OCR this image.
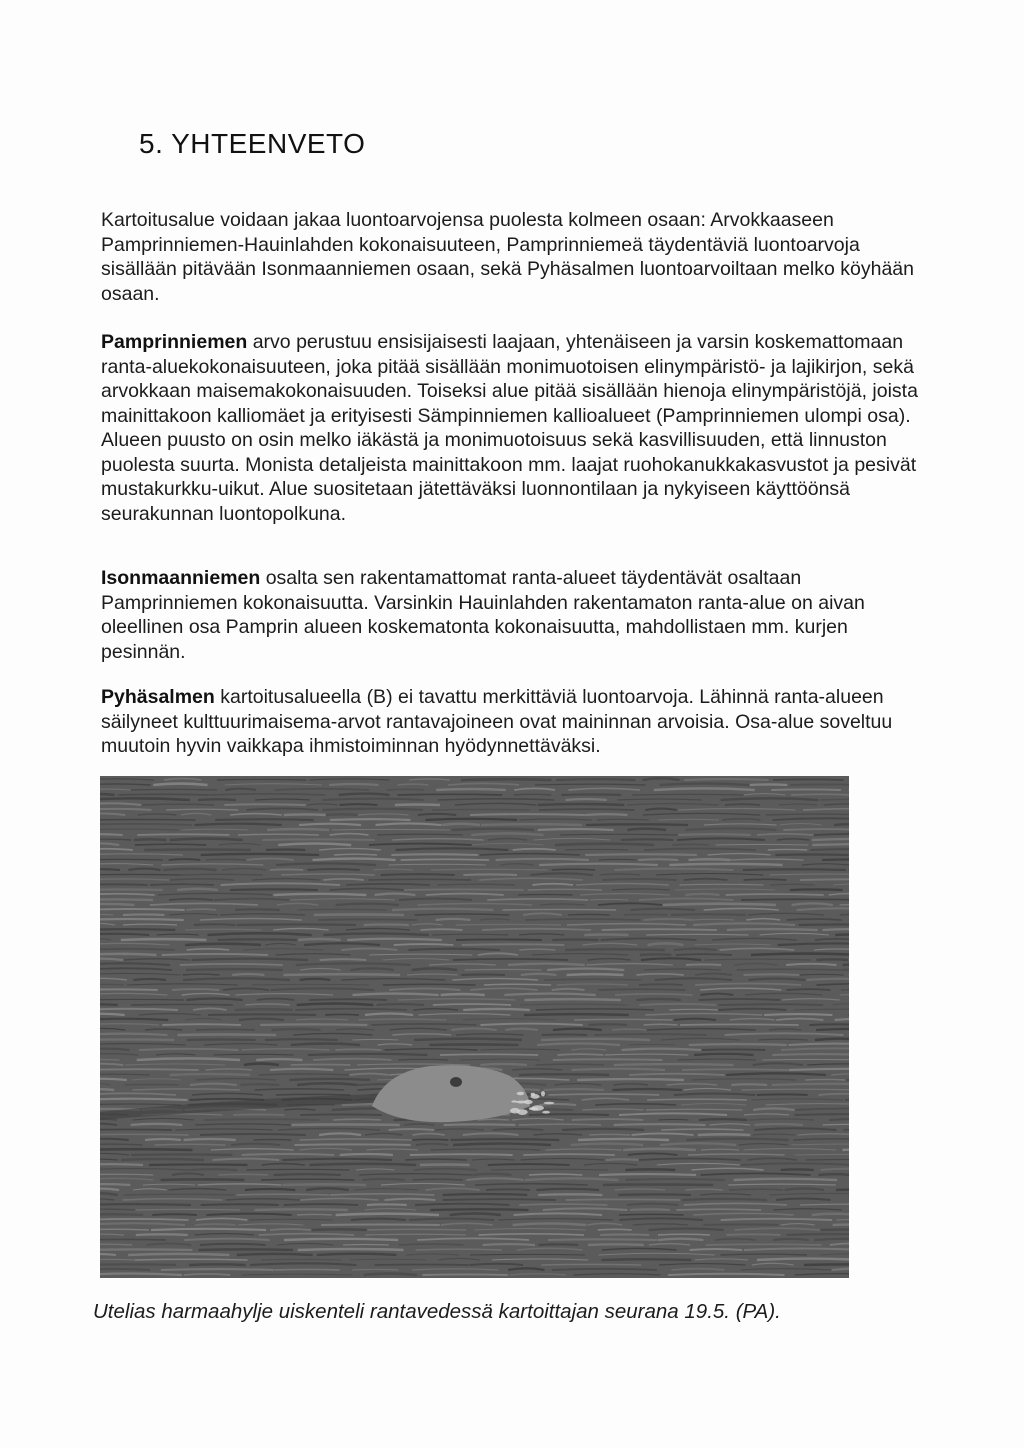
5. YHTEENVETO

Kartoitusalue voidaan jakaa luontoarvojensa puolesta kolmeen osaan: Arvokkaaseen Pamprinniemen-Hauinlahden kokonaisuuteen, Pamprinniemeä täydentäviä luontoarvoja sisällään pitävään Isonmaanniemen osaan, sekä Pyhäsalmen luontoarvoiltaan melko köyhään osaan.

Pamprinniemen arvo perustuu ensisijaisesti laajaan, yhtenäiseen ja varsin koskemattomaan ranta-aluekokonaisuuteen, joka pitää sisällään monimuotoisen elinympäristö- ja lajikirjon, sekä arvokkaan maisemakokonaisuuden. Toiseksi alue pitää sisällään hienoja elinympäristöjä, joista mainittakoon kalliomäet ja erityisesti Sämpinniemen kallioalueet (Pamprinniemen ulompi osa). Alueen puusto on osin melko iäkästä ja monimuotoisuus sekä kasvillisuuden, että linnuston puolesta suurta. Monista detaljeista mainittakoon mm. laajat ruohokanukkakasvustot ja pesivät mustakurkku-uikut. Alue suositetaan jätettäväksi luonnontilaan ja nykyiseen käyttöönsä seurakunnan luontopolkuna.

Isonmaanniemen osalta sen rakentamattomat ranta-alueet täydentävät osaltaan Pamprinniemen kokonaisuutta. Varsinkin Hauinlahden rakentamaton ranta-alue on aivan oleellinen osa Pamprin alueen koskematonta kokonaisuutta, mahdollistaen mm. kurjen pesinnän.

Pyhäsalmen kartoitusalueella (B) ei tavattu merkittäviä luontoarvoja. Lähinnä ranta-alueen säilyneet kulttuurimaisema-arvot rantavajoineen ovat maininnan arvoisia. Osa-alue soveltuu muutoin hyvin vaikkapa ihmistoiminnan hyödynnettäväksi.

Utelias harmaahylje uiskenteli rantavedessä kartoittajan seurana 19.5. (PA).
